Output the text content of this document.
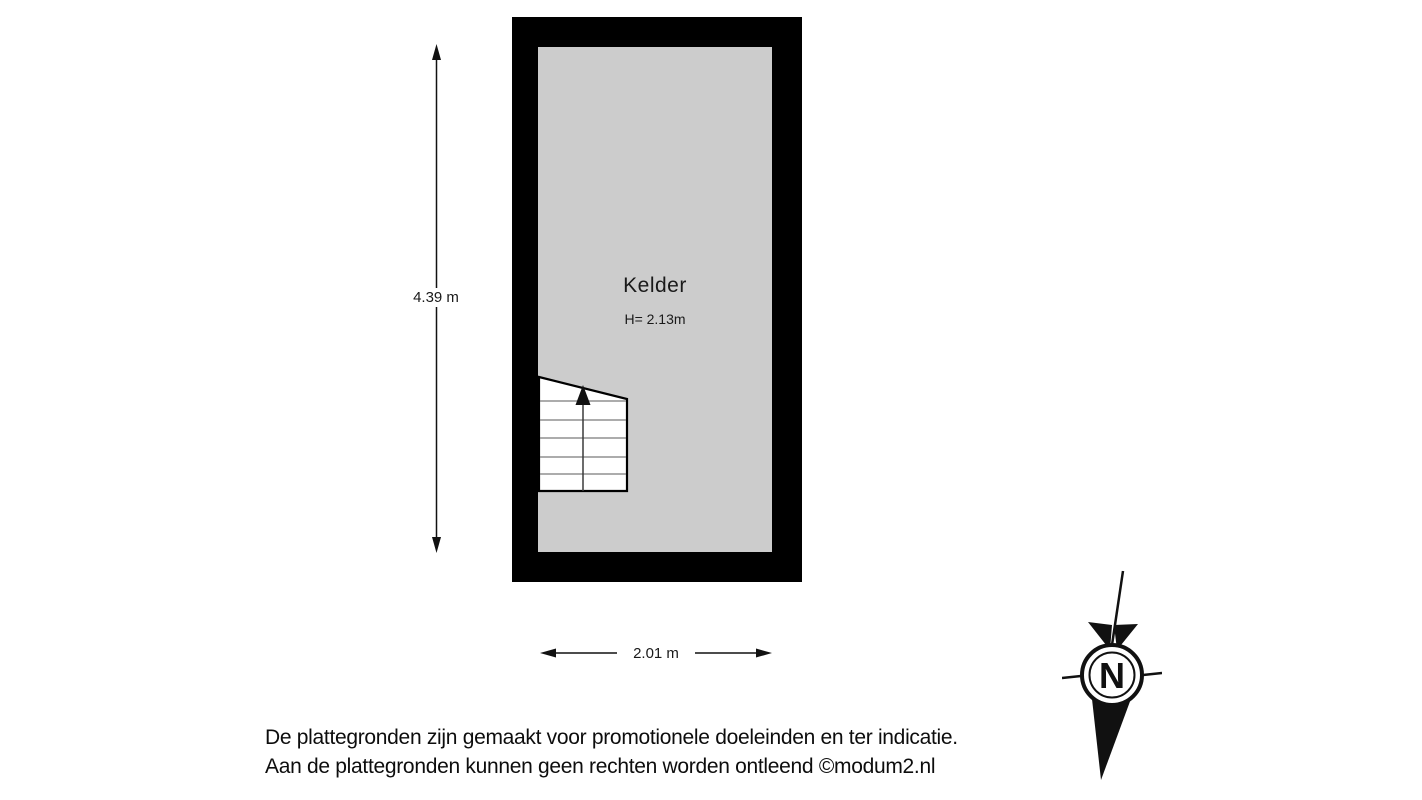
Kelder
H= 2.13m
4.39 m
2.01 m
N
De plattegronden zijn gemaakt voor promotionele doeleinden en ter indicatie.
Aan de plattegronden kunnen geen rechten worden ontleend ©modum2.nl
